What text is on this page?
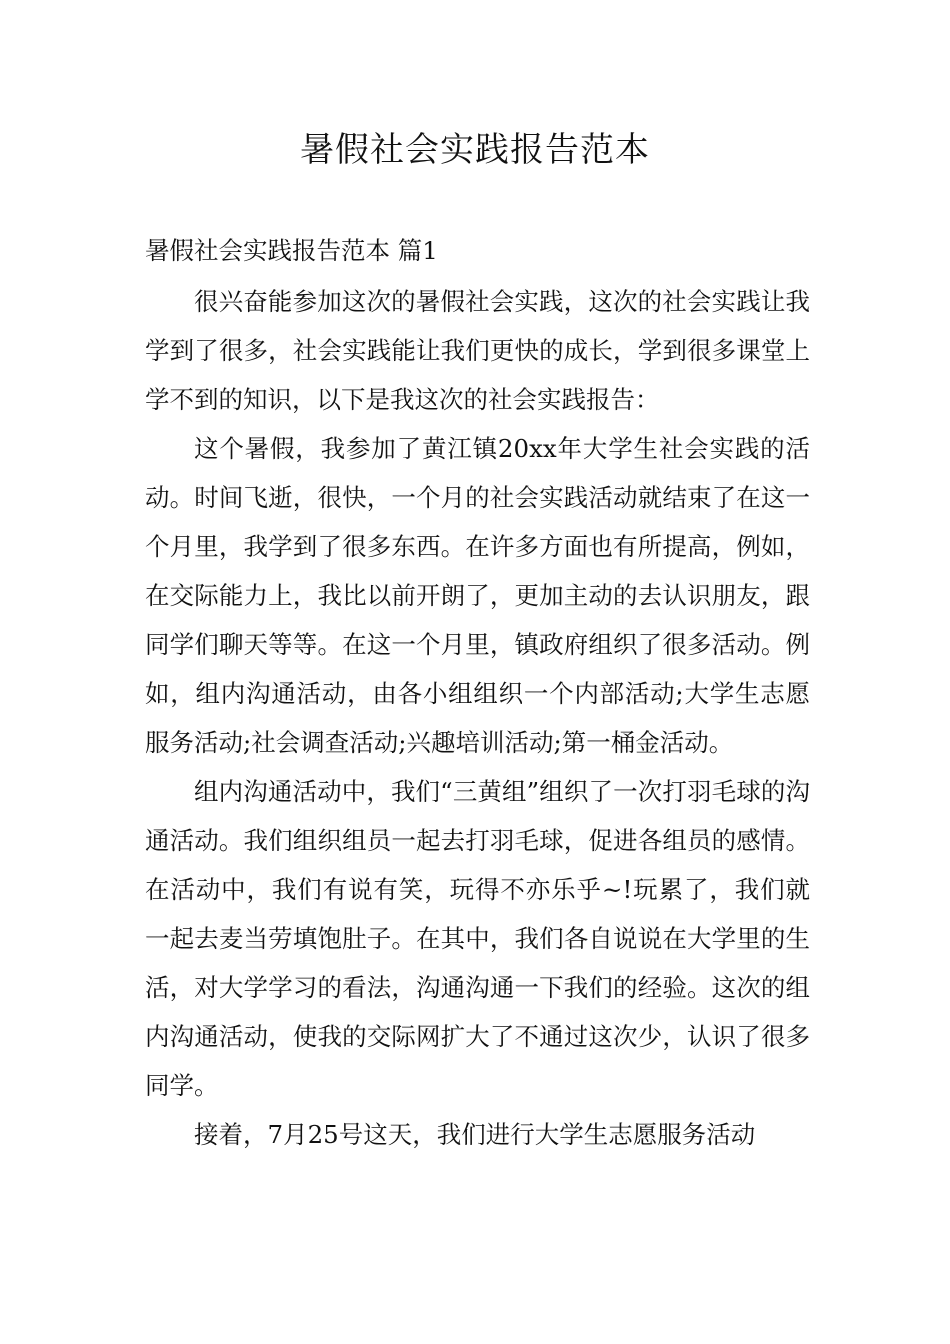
暑假社会实践报告范本

暑假社会实践报告范本 篇1

很兴奋能参加这次的暑假社会实践，这次的社会实践让我学到了很多，社会实践能让我们更快的成长，学到很多课堂上学不到的知识，以下是我这次的社会实践报告：

这个暑假，我参加了黄江镇20xx年大学生社会实践的活动。时间飞逝，很快，一个月的社会实践活动就结束了在这一个月里，我学到了很多东西。在许多方面也有所提高，例如，在交际能力上，我比以前开朗了，更加主动的去认识朋友，跟同学们聊天等等。在这一个月里，镇政府组织了很多活动。例如，组内沟通活动，由各小组组织一个内部活动;大学生志愿服务活动;社会调查活动;兴趣培训活动;第一桶金活动。

组内沟通活动中，我们“三黄组”组织了一次打羽毛球的沟通活动。我们组织组员一起去打羽毛球，促进各组员的感情。在活动中，我们有说有笑，玩得不亦乐乎~!玩累了，我们就一起去麦当劳填饱肚子。在其中，我们各自说说在大学里的生活，对大学学习的看法，沟通沟通一下我们的经验。这次的组内沟通活动，使我的交际网扩大了不通过这次少，认识了很多同学。

接着，7月25号这天，我们进行大学生志愿服务活动
